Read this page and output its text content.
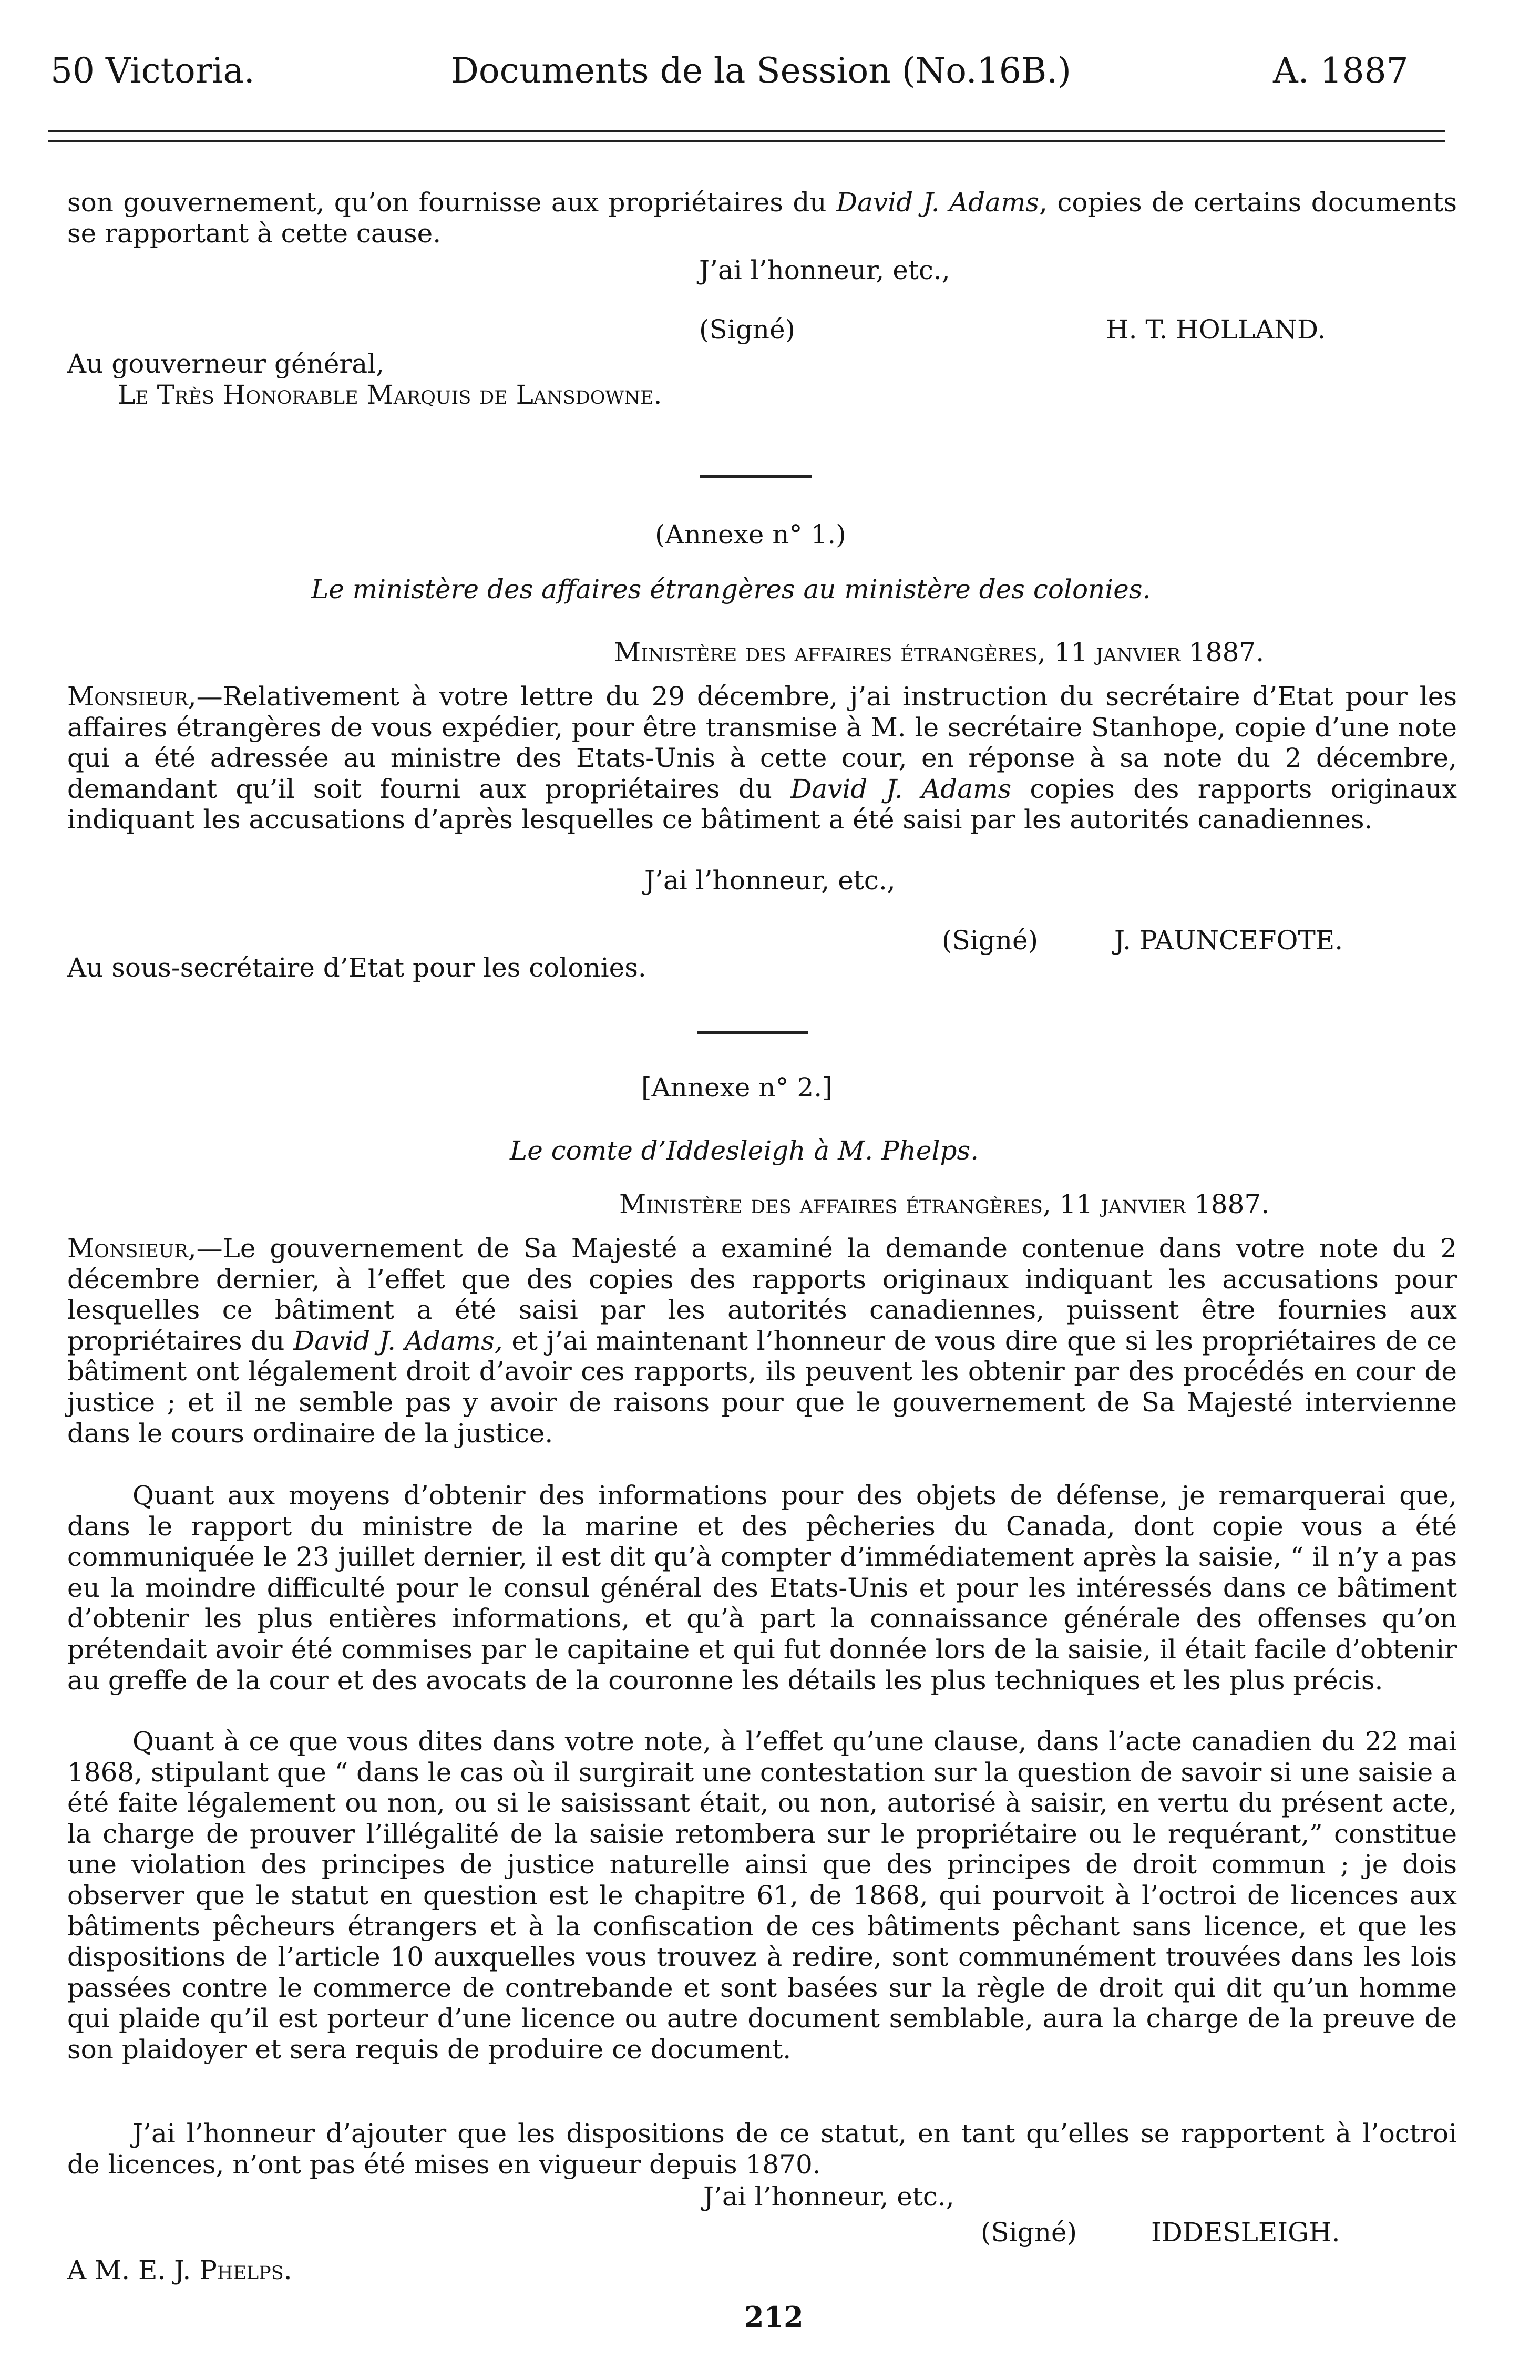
50 Victoria.	Documents de la Session (No.16B.)	A. 1887
son gouvernement, qu’on fournisse aux propriétaires du David J. Adams, copies de certains documents se rapportant à cette cause.
J’ai l’honneur, etc.,
(Signé)	H. T. HOLLAND.
Au gouverneur général,
Le Très Honorable Marquis de Lansdowne.
(Annexe n° 1.)
Le ministère des affaires étrangères au ministère des colonies.
Ministère des affaires étrangères, 11 janvier 1887.
Monsieur,—Relativement à votre lettre du 29 décembre, j’ai instruction du secrétaire d’Etat pour les affaires étrangères de vous expédier, pour être transmise à M. le secrétaire Stanhope, copie d’une note qui a été adressée au ministre des Etats-Unis à cette cour, en réponse à sa note du 2 décembre, demandant qu’il soit fourni aux propriétaires du David J. Adams copies des rapports originaux indiquant les accusations d’après lesquelles ce bâtiment a été saisi par les autorités canadiennes.
J’ai l’honneur, etc.,
Au sous-secrétaire d’Etat pour les colonies.
(Signé)	J. PAUNCEFOTE.
[Annexe n° 2.]
Le comte d’Iddesleigh à M. Phelps.
Ministère des affaires étrangères, 11 janvier 1887.
Monsieur,—Le gouvernement de Sa Majesté a examiné la demande contenue dans votre note du 2 décembre dernier, à l’effet que des copies des rapports originaux indiquant les accusations pour lesquelles ce bâtiment a été saisi par les autorités canadiennes, puissent être fournies aux propriétaires du David J. Adams, et j’ai maintenant l’honneur de vous dire que si les propriétaires de ce bâtiment ont légalement droit d’avoir ces rapports, ils peuvent les obtenir par des procédés en cour de justice ; et il ne semble pas y avoir de raisons pour que le gouvernement de Sa Majesté intervienne dans le cours ordinaire de la justice.
Quant aux moyens d’obtenir des informations pour des objets de défense, je remarquerai que, dans le rapport du ministre de la marine et des pêcheries du Canada, dont copie vous a été communiquée le 23 juillet dernier, il est dit qu’à compter d’immédiatement après la saisie, “ il n’y a pas eu la moindre difficulté pour le consul général des Etats-Unis et pour les intéressés dans ce bâtiment d’obtenir les plus entières informations, et qu’à part la connaissance générale des offenses qu’on prétendait avoir été commises par le capitaine et qui fut donnée lors de la saisie, il était facile d’obtenir au greffe de la cour et des avocats de la couronne les détails les plus techniques et les plus précis.
Quant à ce que vous dites dans votre note, à l’effet qu’une clause, dans l’acte canadien du 22 mai 1868, stipulant que “ dans le cas où il surgirait une contestation sur la question de savoir si une saisie a été faite légalement ou non, ou si le saisissant était, ou non, autorisé à saisir, en vertu du présent acte, la charge de prouver l’illégalité de la saisie retombera sur le propriétaire ou le requérant,” constitue une violation des principes de justice naturelle ainsi que des principes de droit commun ; je dois observer que le statut en question est le chapitre 61, de 1868, qui pourvoit à l’octroi de licences aux bâtiments pêcheurs étrangers et à la confiscation de ces bâtiments pêchant sans licence, et que les dispositions de l’article 10 auxquelles vous trouvez à redire, sont communément trouvées dans les lois passées contre le commerce de contrebande et sont basées sur la règle de droit qui dit qu’un homme qui plaide qu’il est porteur d’une licence ou autre document semblable, aura la charge de la preuve de son plaidoyer et sera requis de produire ce document.
J’ai l’honneur d’ajouter que les dispositions de ce statut, en tant qu’elles se rapportent à l’octroi de licences, n’ont pas été mises en vigueur depuis 1870.
J’ai l’honneur, etc.,
(Signé)	IDDESLEIGH.
A M. E. J. Phelps.
212
